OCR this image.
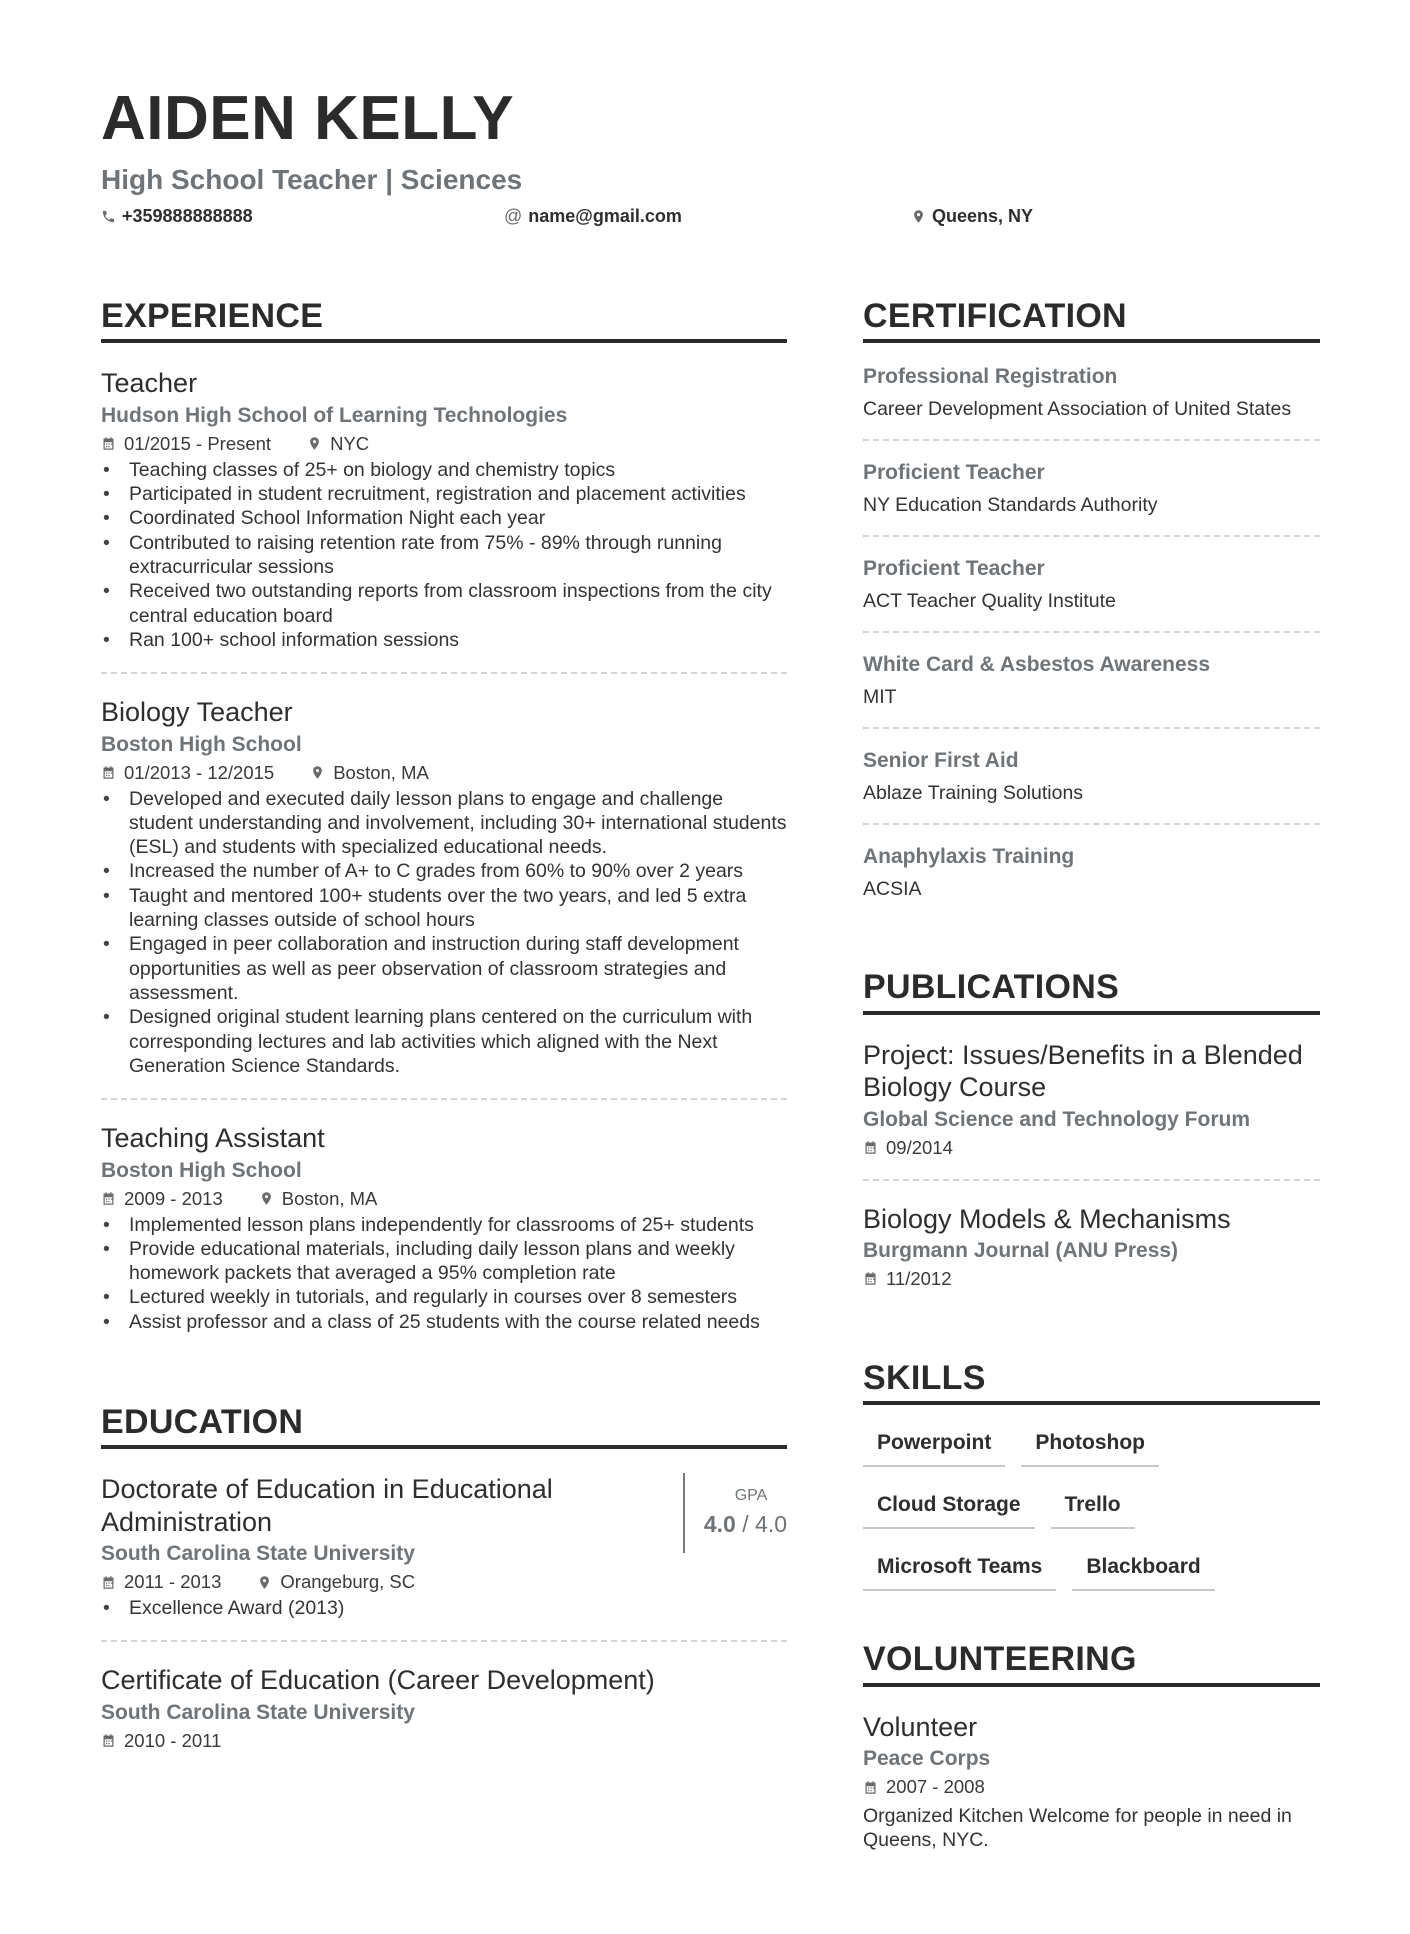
AIDEN KELLY
High School Teacher | Sciences
+359888888888	@ name@gmail.com	Queens, NY
EXPERIENCE
Teacher
Hudson High School of Learning Technologies
01/2015 - Present	NYC
• Teaching classes of 25+ on biology and chemistry topics
• Participated in student recruitment, registration and placement activities
• Coordinated School Information Night each year
• Contributed to raising retention rate from 75% - 89% through running extracurricular sessions
• Received two outstanding reports from classroom inspections from the city central education board
• Ran 100+ school information sessions
Biology Teacher
Boston High School
01/2013 - 12/2015	Boston, MA
• Developed and executed daily lesson plans to engage and challenge student understanding and involvement, including 30+ international students (ESL) and students with specialized educational needs.
• Increased the number of A+ to C grades from 60% to 90% over 2 years
• Taught and mentored 100+ students over the two years, and led 5 extra learning classes outside of school hours
• Engaged in peer collaboration and instruction during staff development opportunities as well as peer observation of classroom strategies and assessment.
• Designed original student learning plans centered on the curriculum with corresponding lectures and lab activities which aligned with the Next Generation Science Standards.
Teaching Assistant
Boston High School
2009 - 2013	Boston, MA
• Implemented lesson plans independently for classrooms of 25+ students
• Provide educational materials, including daily lesson plans and weekly homework packets that averaged a 95% completion rate
• Lectured weekly in tutorials, and regularly in courses over 8 semesters
• Assist professor and a class of 25 students with the course related needs
EDUCATION
Doctorate of Education in Educational Administration
South Carolina State University
2011 - 2013	Orangeburg, SC
• Excellence Award (2013)
GPA
4.0 / 4.0
Certificate of Education (Career Development)
South Carolina State University
2010 - 2011
CERTIFICATION
Professional Registration
Career Development Association of United States
Proficient Teacher
NY Education Standards Authority
Proficient Teacher
ACT Teacher Quality Institute
White Card & Asbestos Awareness
MIT
Senior First Aid
Ablaze Training Solutions
Anaphylaxis Training
ACSIA
PUBLICATIONS
Project: Issues/Benefits in a Blended Biology Course
Global Science and Technology Forum
09/2014
Biology Models & Mechanisms
Burgmann Journal (ANU Press)
11/2012
SKILLS
Powerpoint	Photoshop
Cloud Storage	Trello
Microsoft Teams	Blackboard
VOLUNTEERING
Volunteer
Peace Corps
2007 - 2008
Organized Kitchen Welcome for people in need in Queens, NYC.
